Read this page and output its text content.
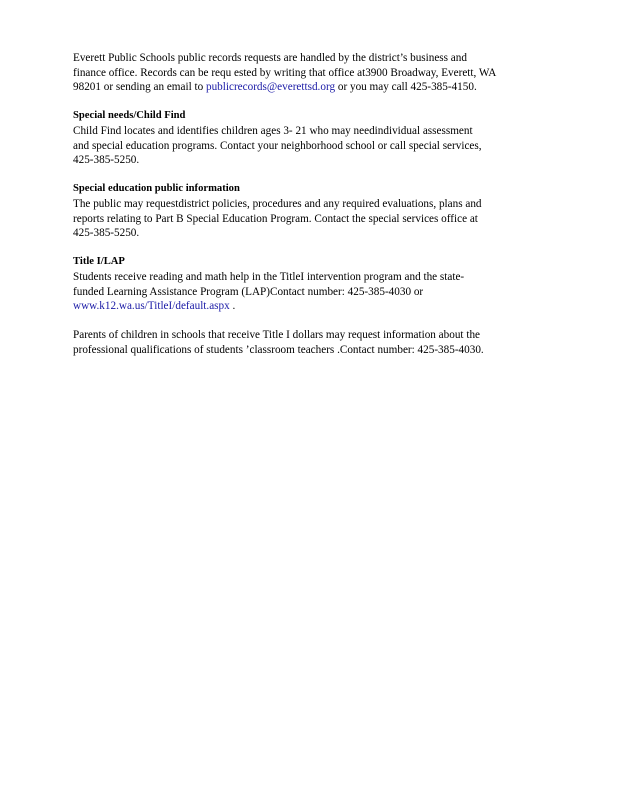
Everett Public Schools public records requests are handled by the district’s business and
finance office. Records can be requ ested by writing that office at3900 Broadway, Everett, WA
98201 or sending an email to publicrecords@everettsd.org or you may call 425-385-4150.

Special needs/Child Find
Child Find locates and identifies children ages 3- 21 who may needindividual assessment
and special education programs. Contact your neighborhood school or call special services,
425-385-5250.

Special education public information
The public may requestdistrict policies, procedures and any required evaluations, plans and
reports relating to Part B Special Education Program. Contact the special services office at
425-385-5250.

Title I/LAP
Students receive reading and math help in the TitleI intervention program and the state-
funded Learning Assistance Program (LAP)Contact number: 425-385-4030 or
www.k12.wa.us/TitleI/default.aspx .

Parents of children in schools that receive Title I dollars may request information about the
professional qualifications of students ’classroom teachers .Contact number: 425-385-4030.
